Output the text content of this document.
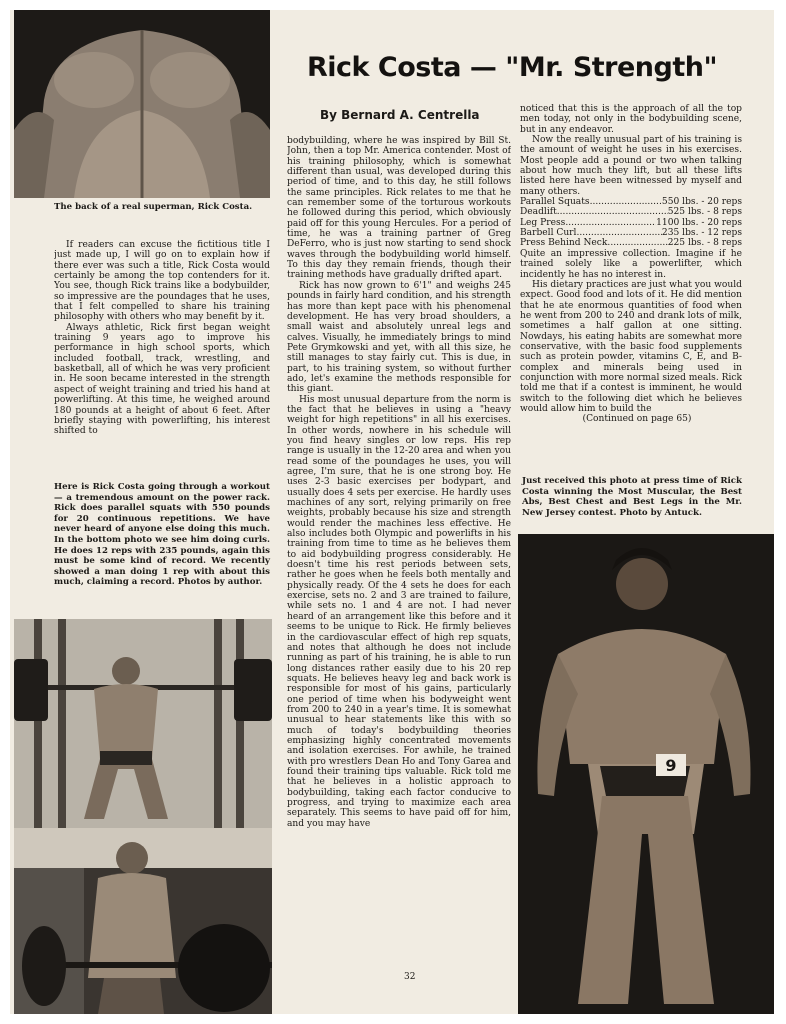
The back of a real superman, Rick Costa.
Rick Costa — "Mr. Strength"
By Bernard A. Centrella

If readers can excuse the fictitious title I just made up, I will go on to explain how if there ever was such a title, Rick Costa would certainly be among the top contenders for it. You see, though Rick trains like a bodybuilder, so impressive are the poundages that he uses, that I felt compelled to share his training philosophy with others who may benefit by it.

Always athletic, Rick first began weight training 9 years ago to improve his performance in high school sports, which included football, track, wrestling, and basketball, all of which he was very proficient in. He soon became interested in the strength aspect of weight training and tried his hand at powerlifting. At this time, he weighed around 180 pounds at a height of about 6 feet. After briefly staying with powerlifting, his interest shifted to

Here is Rick Costa going through a workout — a tremendous amount on the power rack. Rick does parallel squats with 550 pounds for 20 continuous repetitions. We have never heard of anyone else doing this much. In the bottom photo we see him doing curls. He does 12 reps with 235 pounds, again this must be some kind of record. We recently showed a man doing 1 rep with about this much, claiming a record. Photos by author.

bodybuilding, where he was inspired by Bill St. John, then a top Mr. America contender. Most of his training philosophy, which is somewhat different than usual, was developed during this period of time, and to this day, he still follows the same principles. Rick relates to me that he can remember some of the torturous workouts he followed during this period, which obviously paid off for this young Hercules. For a period of time, he was a training partner of Greg DeFerro, who is just now starting to send shock waves through the bodybuilding world himself. To this day they remain friends, though their training methods have gradually drifted apart.

Rick has now grown to 6'1" and weighs 245 pounds in fairly hard condition, and his strength has more than kept pace with his phenomenal development. He has very broad shoulders, a small waist and absolutely unreal legs and calves. Visually, he immediately brings to mind Pete Grymkowski and yet, with all this size, he still manages to stay fairly cut. This is due, in part, to his training system, so without further ado, let's examine the methods responsible for this giant.

His most unusual departure from the norm is the fact that he believes in using a "heavy weight for high repetitions" in all his exercises. In other words, nowhere in his schedule will you find heavy singles or low reps. His rep range is usually in the 12-20 area and when you read some of the poundages he uses, you will agree, I'm sure, that he is one strong boy. He uses 2-3 basic exercises per bodypart, and usually does 4 sets per exercise. He hardly uses machines of any sort, relying primarily on free weights, probably because his size and strength would render the machines less effective. He also includes both Olympic and powerlifts in his training from time to time as he believes them to aid bodybuilding progress considerably. He doesn't time his rest periods between sets, rather he goes when he feels both mentally and physically ready. Of the 4 sets he does for each exercise, sets no. 2 and 3 are trained to failure, while sets no. 1 and 4 are not. I had never heard of an arrangement like this before and it seems to be unique to Rick. He firmly believes in the cardiovascular effect of high rep squats, and notes that although he does not include running as part of his training, he is able to run long distances rather easily due to his 20 rep squats. He believes heavy leg and back work is responsible for most of his gains, particularly one period of time when his bodyweight went from 200 to 240 in a year's time. It is somewhat unusual to hear statements like this with so much of today's bodybuilding theories emphasizing highly concentrated movements and isolation exercises. For awhile, he trained with pro wrestlers Dean Ho and Tony Garea and found their training tips valuable. Rick told me that he believes in a holistic approach to bodybuilding, taking each factor conducive to progress, and trying to maximize each area separately. This seems to have paid off for him, and you may have

noticed that this is the approach of all the top men today, not only in the bodybuilding scene, but in any endeavor.

Now the really unusual part of his training is the amount of weight he uses in his exercises. Most people add a pound or two when talking about how much they lift, but all these lifts listed here have been witnessed by myself and many others.

Parallel Squats .....	550 lbs. - 20 reps
Deadlift .....	525 lbs. - 8 reps
Leg Press .....	1100 lbs. - 20 reps
Barbell Curl .....	235 lbs. - 12 reps
Press Behind Neck .....	225 lbs. - 8 reps

Quite an impressive collection. Imagine if he trained solely like a powerlifter, which incidently he has no interest in.

His dietary practices are just what you would expect. Good food and lots of it. He did mention that he ate enormous quantities of food when he went from 200 to 240 and drank lots of milk, sometimes a half gallon at one sitting. Nowdays, his eating habits are somewhat more conservative, with the basic food supplements such as protein powder, vitamins C, E, and B-complex and minerals being used in conjunction with more normal sized meals. Rick told me that if a contest is imminent, he would switch to the following diet which he believes would allow him to build the

(Continued on page 65)

Just received this photo at press time of Rick Costa winning the Most Muscular, the Best Abs, Best Chest and Best Legs in the Mr. New Jersey contest. Photo by Antuck.
9
32
